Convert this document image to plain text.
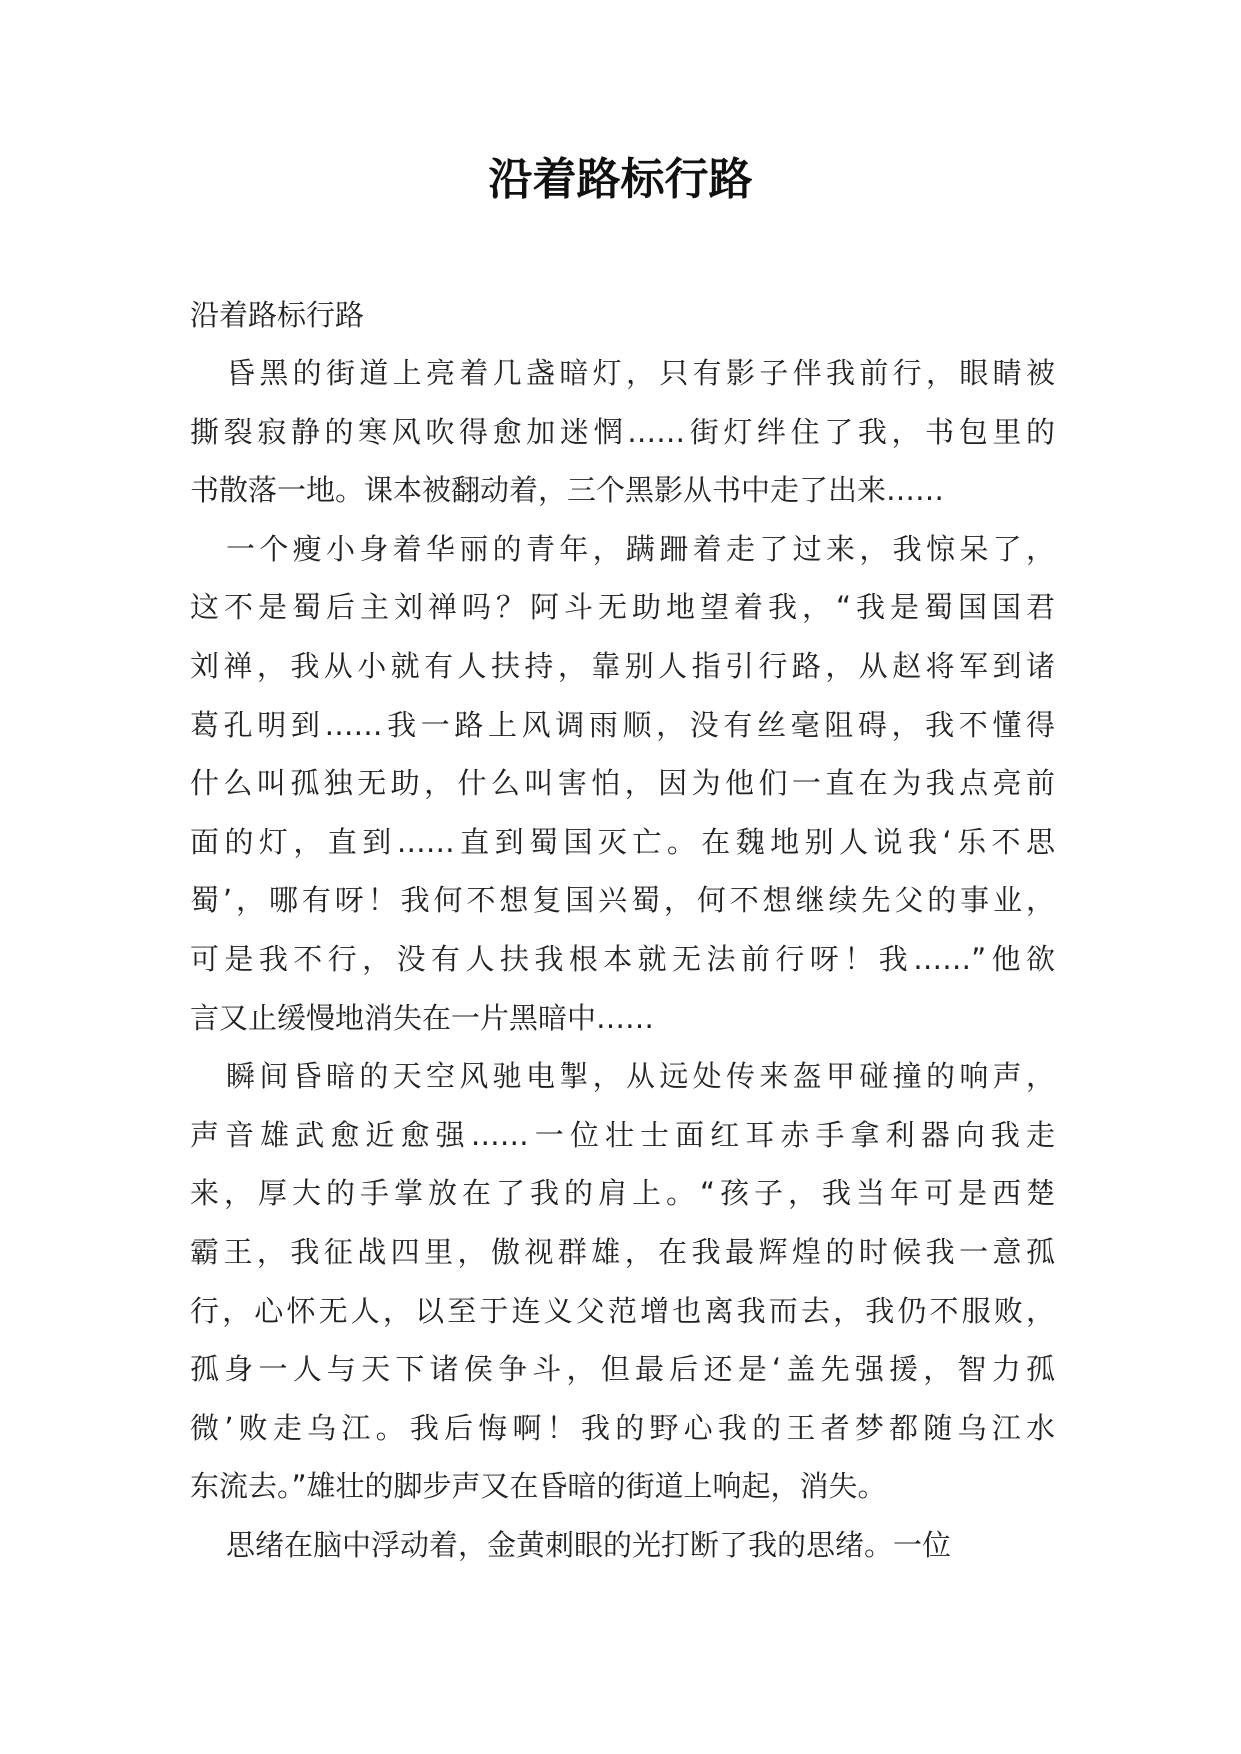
沿着路标行路

沿着路标行路

昏黑的街道上亮着几盏暗灯，只有影子伴我前行，眼睛被
撕裂寂静的寒风吹得愈加迷惘……街灯绊住了我，书包里的
书散落一地。课本被翻动着，三个黑影从书中走了出来……
一个瘦小身着华丽的青年，蹒跚着走了过来，我惊呆了，
这不是蜀后主刘禅吗？阿斗无助地望着我，“我是蜀国国君
刘禅，我从小就有人扶持，靠别人指引行路，从赵将军到诸
葛孔明到……我一路上风调雨顺，没有丝毫阻碍，我不懂得
什么叫孤独无助，什么叫害怕，因为他们一直在为我点亮前
面的灯，直到……直到蜀国灭亡。在魏地别人说我‘乐不思
蜀’，哪有呀！我何不想复国兴蜀，何不想继续先父的事业，
可是我不行，没有人扶我根本就无法前行呀！我……”他欲
言又止缓慢地消失在一片黑暗中……
瞬间昏暗的天空风驰电掣，从远处传来盔甲碰撞的响声，
声音雄武愈近愈强……一位壮士面红耳赤手拿利器向我走
来，厚大的手掌放在了我的肩上。“孩子，我当年可是西楚
霸王，我征战四里，傲视群雄，在我最辉煌的时候我一意孤
行，心怀无人，以至于连义父范增也离我而去，我仍不服败，
孤身一人与天下诸侯争斗，但最后还是‘盖先强援，智力孤
微’败走乌江。我后悔啊！我的野心我的王者梦都随乌江水
东流去。”雄壮的脚步声又在昏暗的街道上响起，消失。
思绪在脑中浮动着，金黄刺眼的光打断了我的思绪。一位
